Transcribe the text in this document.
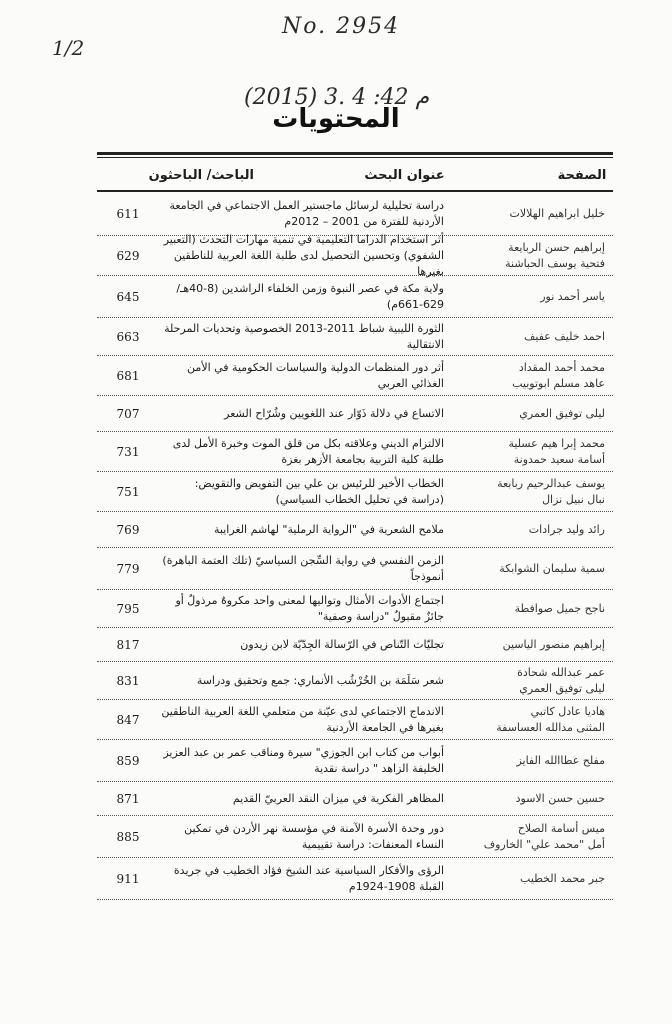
1/2
No. 2954
(2015) 3. 4 :42 م
المحتويات
الباحث/ الباحثون	عنوان البحث	الصفحة
خليل ابراهيم الهلالات
دراسة تحليلية لرسائل ماجستير العمل الاجتماعي في الجامعة الأردنية للفترة من 2001 – 2012م
611
إبراهيم حسن الربايعة
فتحية يوسف الحباشنة
أثر استخدام الدراما التعليمية في تنمية مهارات التحدث (التعبير الشفوي) وتحسين التحصيل لدى طلبة اللغة العربية للناطقين بغيرها
629
ياسر أحمد نور
ولاية مكة في عصر النبوة وزمن الخلفاء الراشدين (8-40هـ/ 629-661م)
645
احمد خليف عفيف
الثورة الليبية شباط 2011-2013 الخصوصية وتحديات المرحلة الانتقالية
663
محمد أحمد المقداد
عاهد مسلم ابوتوبيب
أثر دور المنظمات الدولية والسياسات الحكومية في الأمن الغذائي العربي
681
ليلى توفيق العمري
الاتساع في دلالة ذَوّار عند اللغويين وشُرّاح الشعر
707
محمد إبرا هيم عسلية
أسامة سعيد حمدونة
الالتزام الديني وعلاقته بكل من قلق الموت وخبرة الأمل لدى طلبة كلية التربية بجامعة الأزهر بغزة
731
يوسف عبدالرحيم ربابعة
نبال نبيل نزال
الخطاب الأخير للرئيس بن علي بين التفويض والتقويض: (دراسة في تحليل الخطاب السياسي)
751
رائد وليد جرادات
ملامح الشعرية في "الرواية الرملية" لهاشم الغرايبة
769
سمية سليمان الشوابكة
الزمن النفسي في رواية السِّجن السياسيّ (تلك العتمة الباهرة) أنموذجاً
779
ناجح جميل صوافطة
اجتماع الأدوات الأمثال وتواليها لمعنى واحد مكروهٌ مرذولٌ أو جائزٌ مقبولٌ "دراسة وصفية"
795
إبراهيم منصور الياسين
تجليّات التّناص في الرّسالة الجِدّيّة لابن زيدون
817
عمر عبدالله شحادة
ليلى توفيق العمري
شعر سَلَمَة بن الخُرْشُب الأنماري: جمع وتحقيق ودراسة
831
هاديا عادل كاتبي
المثنى مدالله العساسفة
الاندماج الاجتماعي لدى عيّنة من متعلمي اللغة العربية الناطقين بغيرها في الجامعة الأردنية
847
مفلح عطاالله الفايز
أبواب من كتاب ابن الجوزي" سيرة ومناقب عمر بن عبد العزيز الخليفة الزاهد " دراسة نقدية
859
حسين حسن الاسود
المظاهر الفكرية في ميزان النقد العربيّ القديم
871
ميس أسامة الصلاح
أمل "محمد علي" الخاروف
دور وحدة الأسرة الآمنة في مؤسسة نهر الأردن في تمكين النساء المعنفات: دراسة تقييمية
885
جبر محمد الخطيب
الرؤى والأفكار السياسية عند الشيخ فؤاد الخطيب في جريدة القبلة 1908-1924م
911
